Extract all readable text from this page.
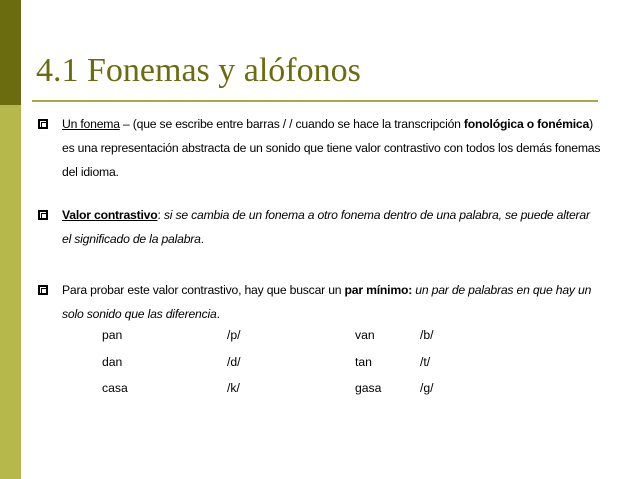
4.1 Fonemas y alófonos
Un fonema – (que se escribe entre barras / / cuando se hace la transcripción fonológica o fonémica) es una representación abstracta de un sonido que tiene valor contrastivo con todos los demás fonemas del idioma.
Valor contrastivo: si se cambia de un fonema a otro fonema dentro de una palabra, se puede alterar el significado de la palabra.
Para probar este valor contrastivo, hay que buscar un par mínimo: un par de palabras en que hay un solo sonido que las diferencia.
pan	/p/	van	/b/
dan	/d/	tan	/t/
casa	/k/	gasa	/g/
